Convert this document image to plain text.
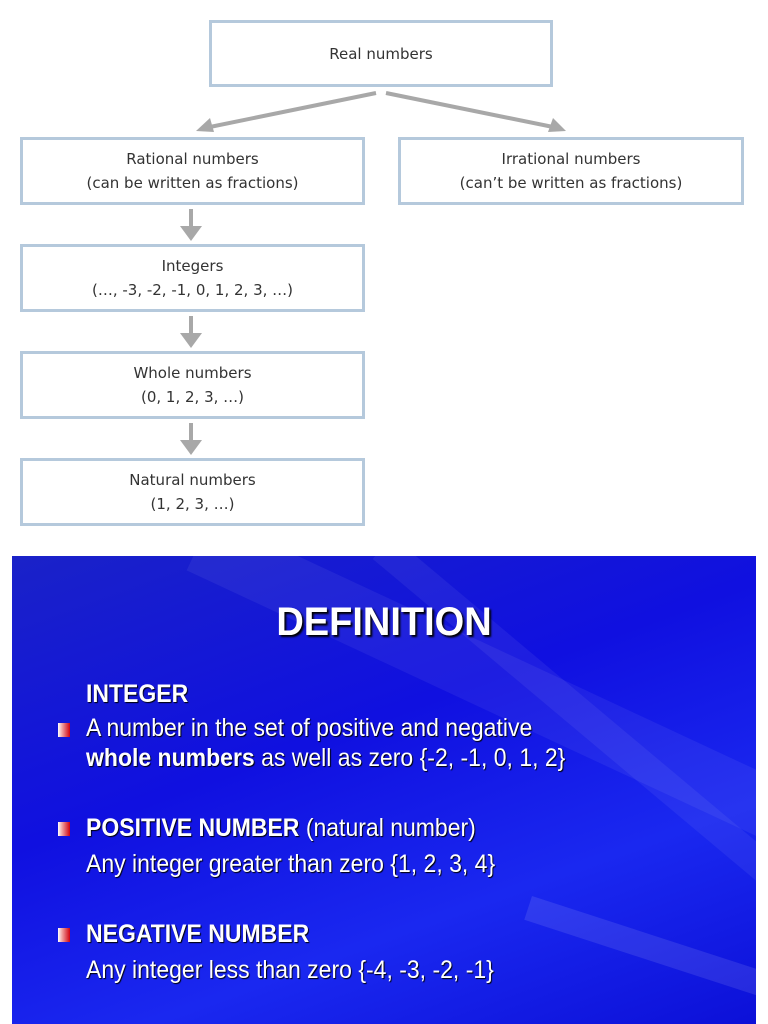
Real numbers
Rational numbers
(can be written as fractions)
Irrational numbers
(can’t be written as fractions)
Integers
(…, -3, -2, -1, 0, 1, 2, 3, …)
Whole numbers
(0, 1, 2, 3, …)
Natural numbers
(1, 2, 3, …)
DEFINITION
INTEGER
A number in the set of positive and negative
whole numbers as well as zero {-2, -1, 0, 1, 2}
POSITIVE NUMBER (natural number)
Any integer greater than zero {1, 2, 3, 4}
NEGATIVE NUMBER
Any integer less than zero {-4, -3, -2, -1}
